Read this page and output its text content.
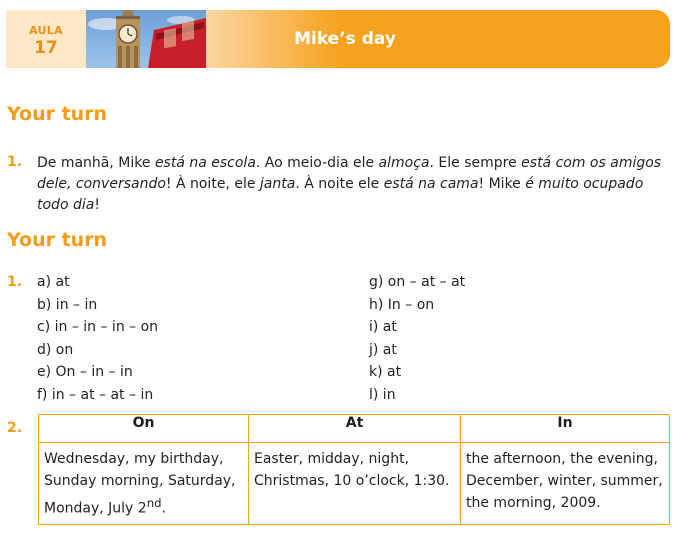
AULA
17	Mike’s day
Your turn
1. De manhã, Mike está na escola. Ao meio-dia ele almoça. Ele sempre está com os amigos dele, conversando! À noite, ele janta. À noite ele está na cama! Mike é muito ocupado todo dia!
Your turn
1. a) at
b) in – in
c) in – in – in – on
d) on
e) On – in – in
f) in – at – at – in
g) on – at – at
h) In – on
i) at
j) at
k) at
l) in
2.	On	At	In
Wednesday, my birthday, Sunday morning, Saturday, Monday, July 2nd.	Easter, midday, night, Christmas, 10 o’clock, 1:30.	the afternoon, the evening, December, winter, summer, the morning, 2009.
